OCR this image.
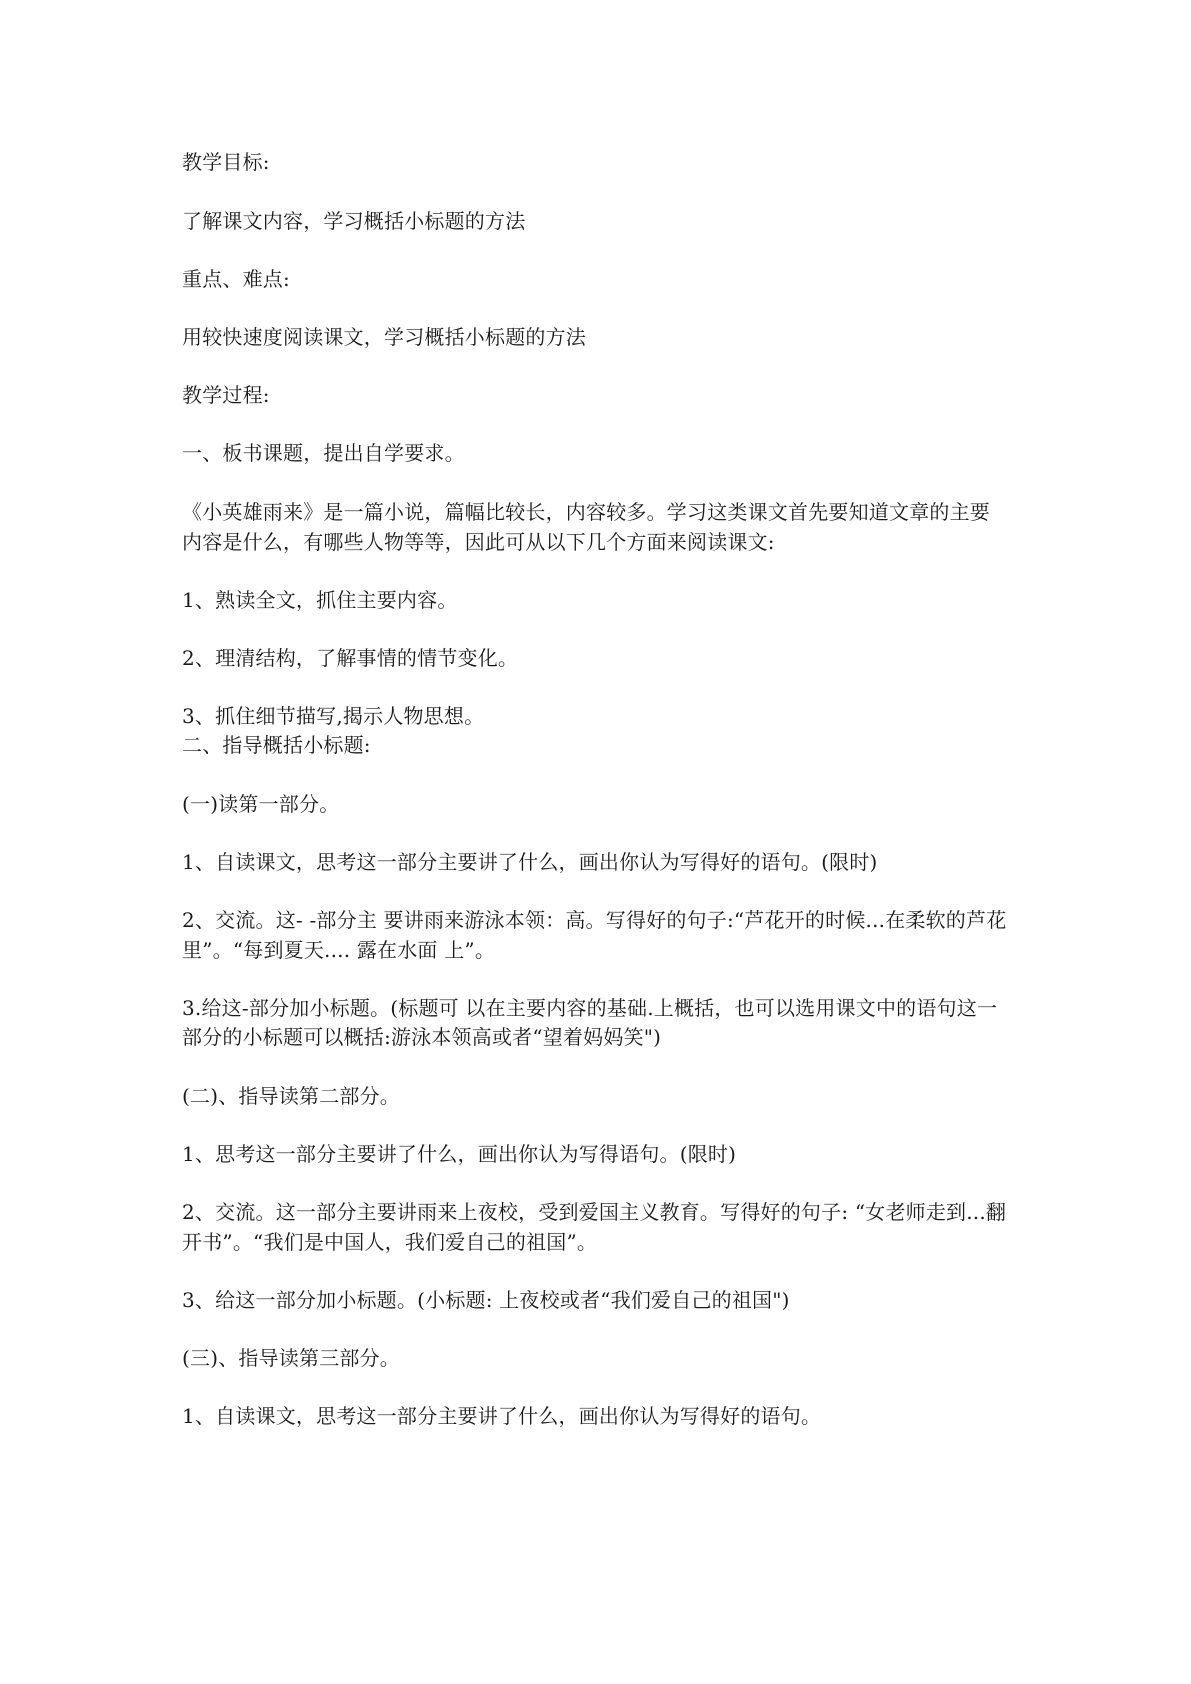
教学目标:
了解课文内容，学习概括小标题的方法
重点、难点:
用较快速度阅读课文，学习概括小标题的方法
教学过程:
一、板书课题，提出自学要求。
《小英雄雨来》是一篇小说，篇幅比较长，内容较多。学习这类课文首先要知道文章的主要
内容是什么，有哪些人物等等，因此可从以下几个方面来阅读课文:
1、熟读全文，抓住主要内容。
2、理清结构，了解事情的情节变化。
3、抓住细节描写,揭示人物思想。
二、指导概括小标题:
(一)读第一部分。
1、自读课文，思考这一部分主要讲了什么，画出你认为写得好的语句。(限时)
2、交流。这- -部分主 要讲雨来游泳本领：高。写得好的句子:“芦花开的时候...在柔软的芦花
里”。“每到夏天.... 露在水面 上”。
3.给这-部分加小标题。(标题可 以在主要内容的基础.上概括，也可以选用课文中的语句这一
部分的小标题可以概括:游泳本领高或者“望着妈妈笑")
(二)、指导读第二部分。
1、思考这一部分主要讲了什么，画出你认为写得语句。(限时)
2、交流。这一部分主要讲雨来上夜校，受到爱国主义教育。写得好的句子: “女老师走到...翻
开书”。“我们是中国人，我们爱自己的祖国”。
3、给这一部分加小标题。(小标题: 上夜校或者“我们爱自己的祖国")
(三)、指导读第三部分。
1、自读课文，思考这一部分主要讲了什么，画出你认为写得好的语句。
